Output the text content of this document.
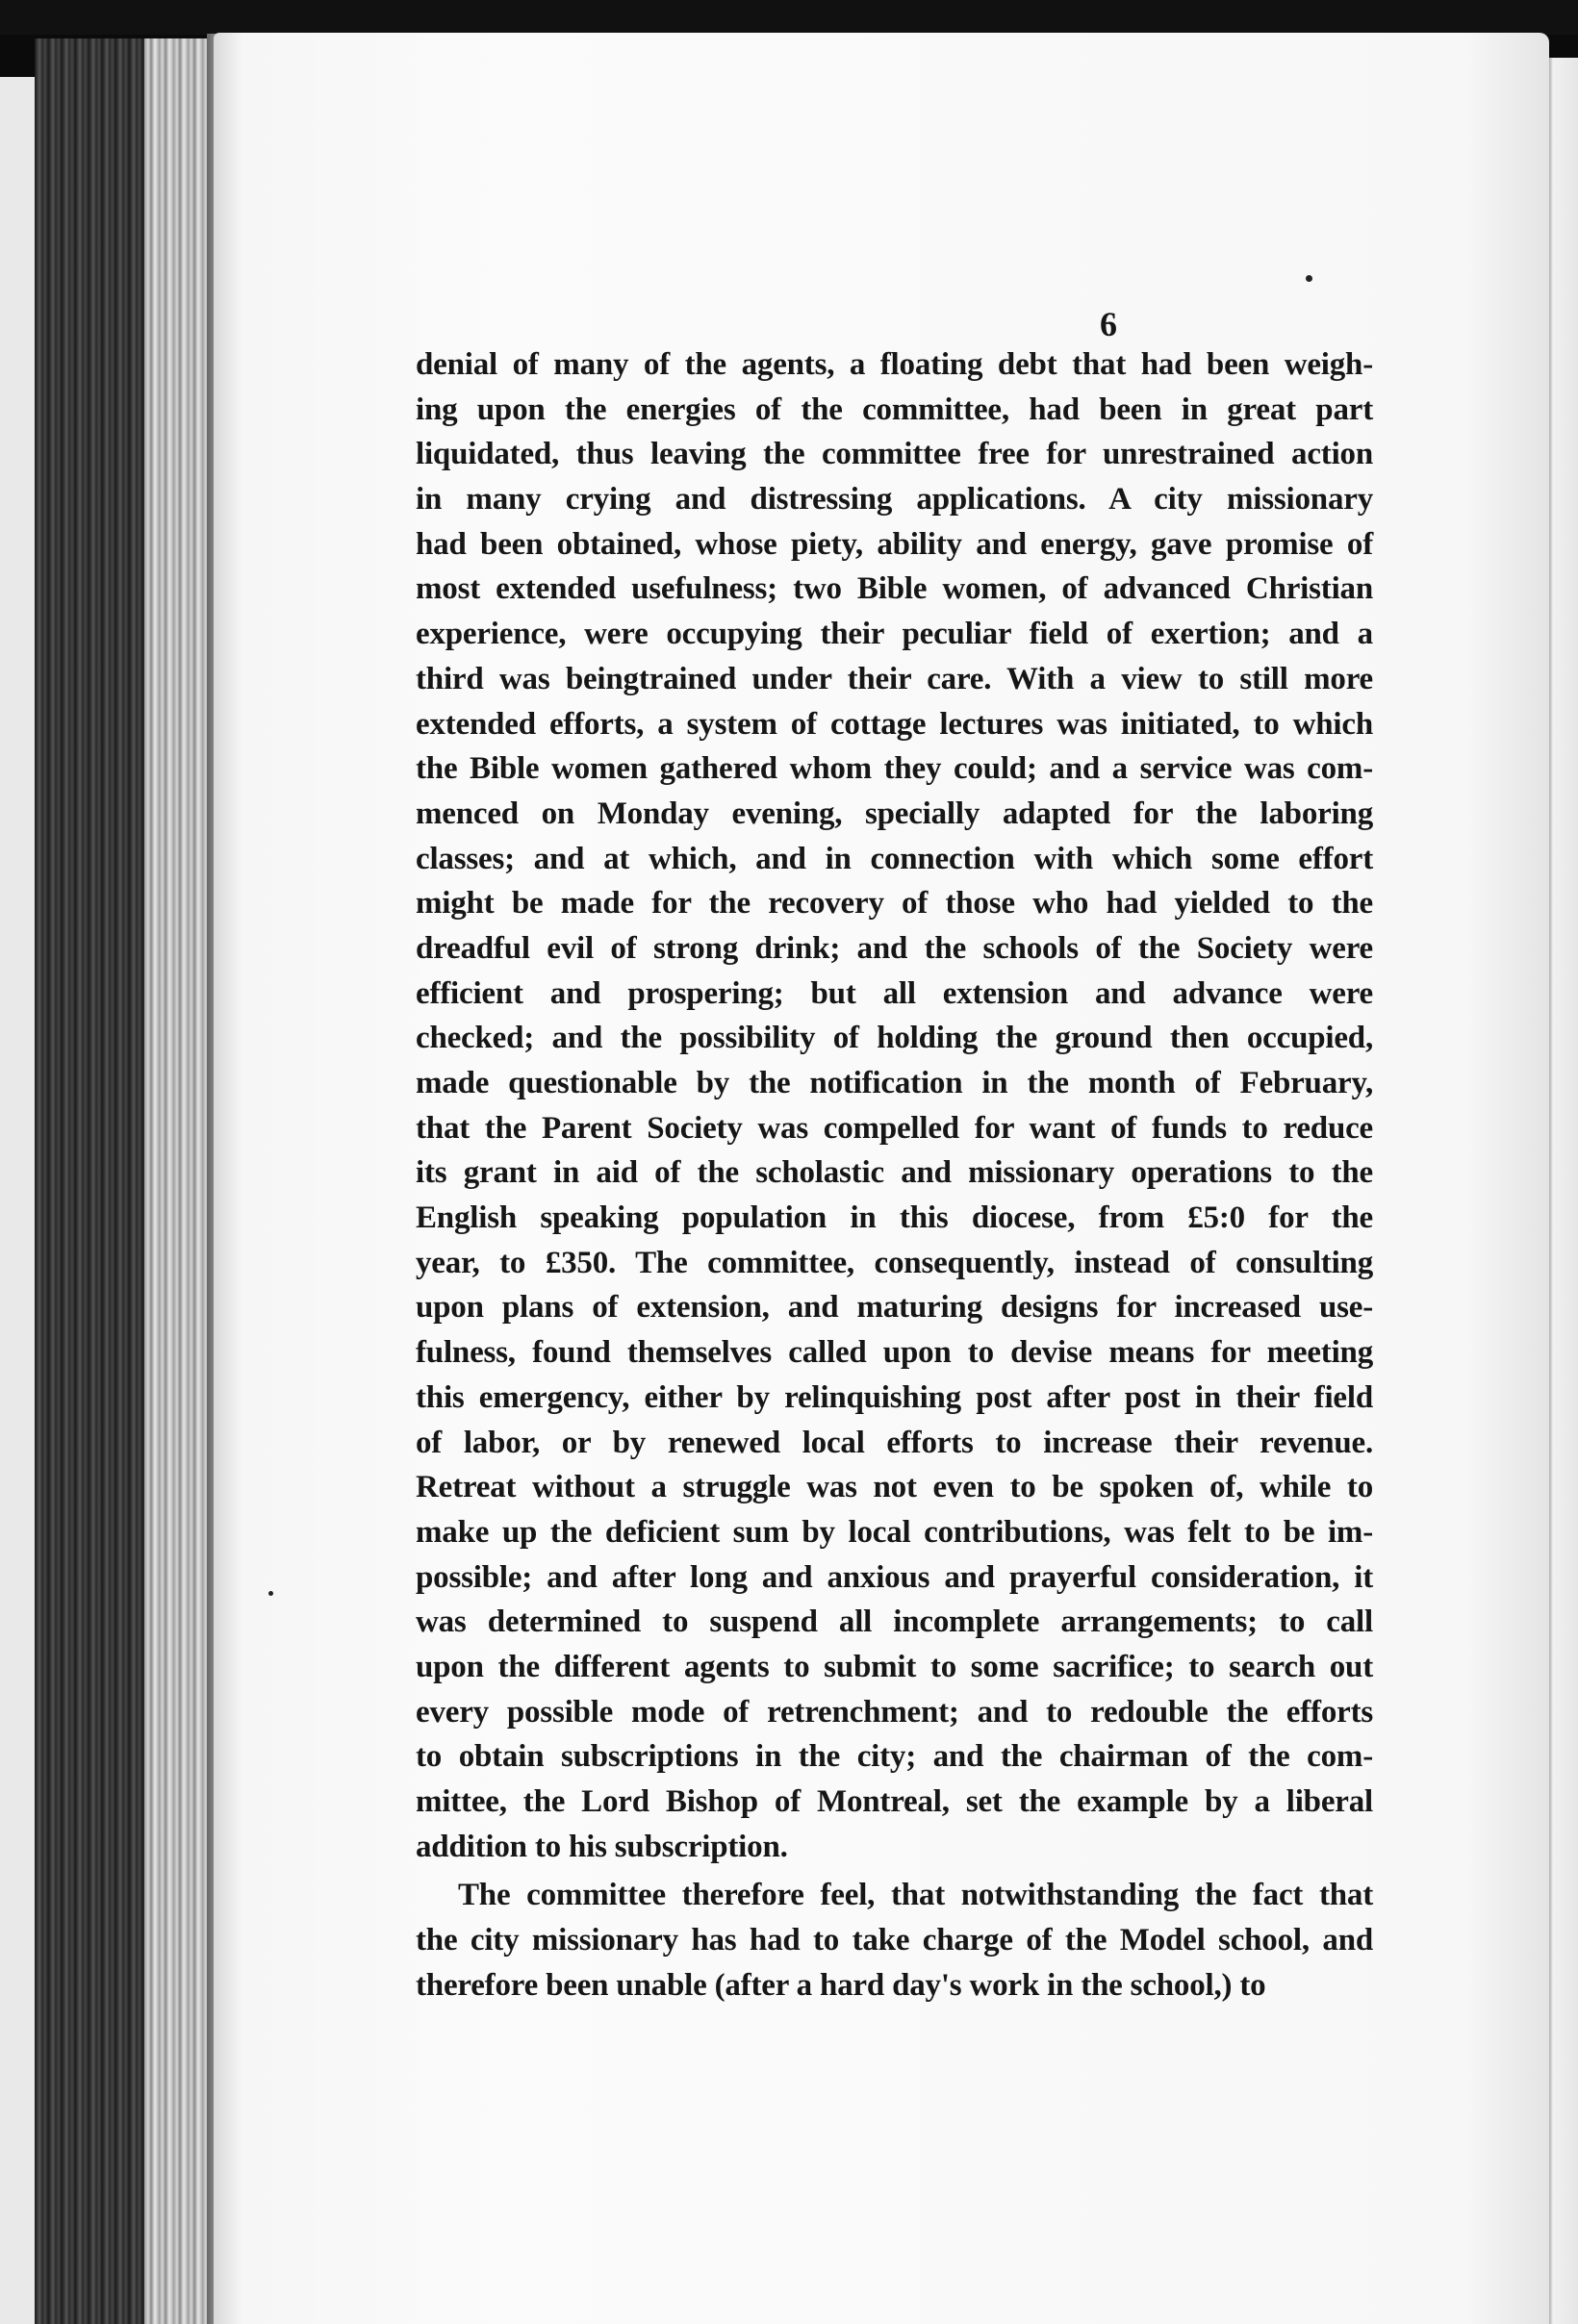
6
denial of many of the agents, a floating debt that had been weigh-
ing upon the energies of the committee, had been in great part
liquidated, thus leaving the committee free for unrestrained action
in many crying and distressing applications. A city missionary
had been obtained, whose piety, ability and energy, gave promise of
most extended usefulness; two Bible women, of advanced Christian
experience, were occupying their peculiar field of exertion; and a
third was beingtrained under their care. With a view to still more
extended efforts, a system of cottage lectures was initiated, to which
the Bible women gathered whom they could; and a service was com-
menced on Monday evening, specially adapted for the laboring
classes; and at which, and in connection with which some effort
might be made for the recovery of those who had yielded to the
dreadful evil of strong drink; and the schools of the Society were
efficient and prospering; but all extension and advance were
checked; and the possibility of holding the ground then occupied,
made questionable by the notification in the month of February,
that the Parent Society was compelled for want of funds to reduce
its grant in aid of the scholastic and missionary operations to the
English speaking population in this diocese, from £5:0 for the
year, to £350. The committee, consequently, instead of consulting
upon plans of extension, and maturing designs for increased use-
fulness, found themselves called upon to devise means for meeting
this emergency, either by relinquishing post after post in their field
of labor, or by renewed local efforts to increase their revenue.
Retreat without a struggle was not even to be spoken of, while to
make up the deficient sum by local contributions, was felt to be im-
possible; and after long and anxious and prayerful consideration, it
was determined to suspend all incomplete arrangements; to call
upon the different agents to submit to some sacrifice; to search out
every possible mode of retrenchment; and to redouble the efforts
to obtain subscriptions in the city; and the chairman of the com-
mittee, the Lord Bishop of Montreal, set the example by a liberal
addition to his subscription.
The committee therefore feel, that notwithstanding the fact that
the city missionary has had to take charge of the Model school, and
therefore been unable (after a hard day's work in the school,) to
